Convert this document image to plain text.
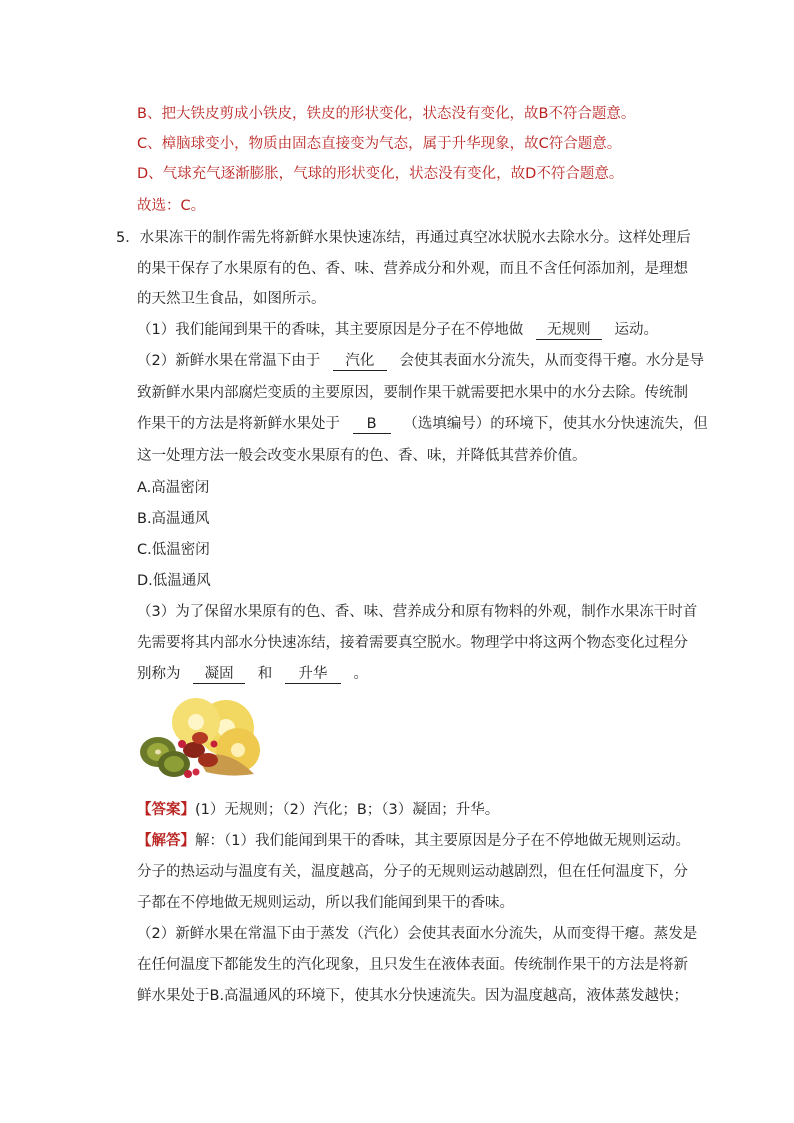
B、把大铁皮剪成小铁皮，铁皮的形状变化，状态没有变化，故B不符合题意。
C、樟脑球变小，物质由固态直接变为气态，属于升华现象，故C符合题意。
D、气球充气逐渐膨胀，气球的形状变化，状态没有变化，故D不符合题意。
故选：C。
5．水果冻干的制作需先将新鲜水果快速冻结，再通过真空冰状脱水去除水分。这样处理后
的果干保存了水果原有的色、香、味、营养成分和外观，而且不含任何添加剂，是理想
的天然卫生食品，如图所示。
（1）我们能闻到果干的香味，其主要原因是分子在不停地做 无规则 运动。
（2）新鲜水果在常温下由于 汽化 会使其表面水分流失，从而变得干瘪。水分是导
致新鲜水果内部腐烂变质的主要原因，要制作果干就需要把水果中的水分去除。传统制
作果干的方法是将新鲜水果处于 B （选填编号）的环境下，使其水分快速流失，但
这一处理方法一般会改变水果原有的色、香、味，并降低其营养价值。
A.高温密闭
B.高温通风
C.低温密闭
D.低温通风
（3）为了保留水果原有的色、香、味、营养成分和原有物料的外观，制作水果冻干时首
先需要将其内部水分快速冻结，接着需要真空脱水。物理学中将这两个物态变化过程分
别称为 凝固 和 升华 。
【答案】(1）无规则；（2）汽化；B；（3）凝固；升华。
【解答】解：（1）我们能闻到果干的香味，其主要原因是分子在不停地做无规则运动。
分子的热运动与温度有关，温度越高，分子的无规则运动越剧烈，但在任何温度下，分
子都在不停地做无规则运动，所以我们能闻到果干的香味。
（2）新鲜水果在常温下由于蒸发（汽化）会使其表面水分流失，从而变得干瘪。蒸发是
在任何温度下都能发生的汽化现象，且只发生在液体表面。传统制作果干的方法是将新
鲜水果处于B.高温通风的环境下，使其水分快速流失。因为温度越高，液体蒸发越快；
